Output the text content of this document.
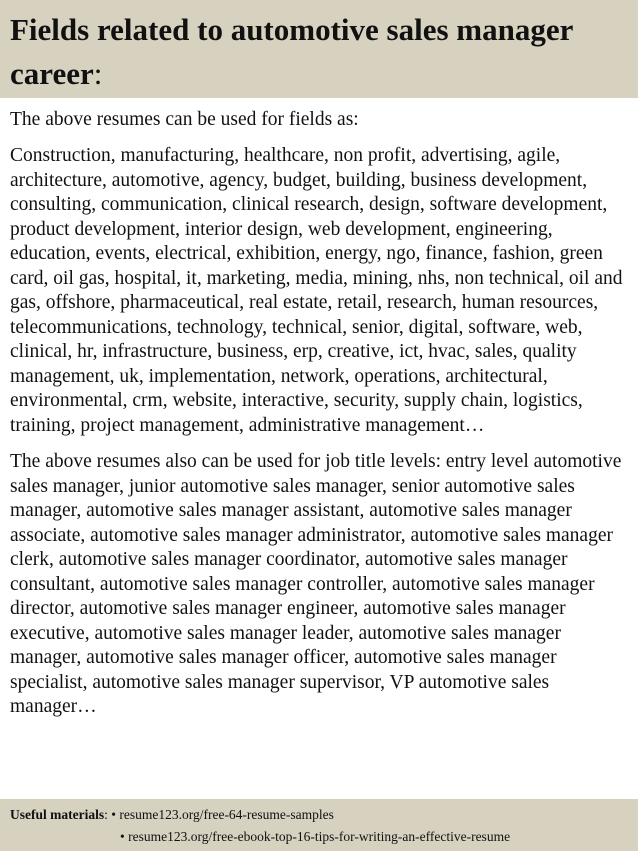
Fields related to automotive sales manager career:

The above resumes can be used for fields as:

Construction, manufacturing, healthcare, non profit, advertising, agile, architecture, automotive, agency, budget, building, business development, consulting, communication, clinical research, design, software development, product development, interior design, web development, engineering, education, events, electrical, exhibition, energy, ngo, finance, fashion, green card, oil gas, hospital, it, marketing, media, mining, nhs, non technical, oil and gas, offshore, pharmaceutical, real estate, retail, research, human resources, telecommunications, technology, technical, senior, digital, software, web, clinical, hr, infrastructure, business, erp, creative, ict, hvac, sales, quality management, uk, implementation, network, operations, architectural, environmental, crm, website, interactive, security, supply chain, logistics, training, project management, administrative management…

The above resumes also can be used for job title levels: entry level automotive sales manager, junior automotive sales manager, senior automotive sales manager, automotive sales manager assistant, automotive sales manager associate, automotive sales manager administrator, automotive sales manager clerk, automotive sales manager coordinator, automotive sales manager consultant, automotive sales manager controller, automotive sales manager director, automotive sales manager engineer, automotive sales manager executive, automotive sales manager leader, automotive sales manager manager, automotive sales manager officer, automotive sales manager specialist, automotive sales manager supervisor, VP automotive sales manager…

Useful materials: • resume123.org/free-64-resume-samples
• resume123.org/free-ebook-top-16-tips-for-writing-an-effective-resume
